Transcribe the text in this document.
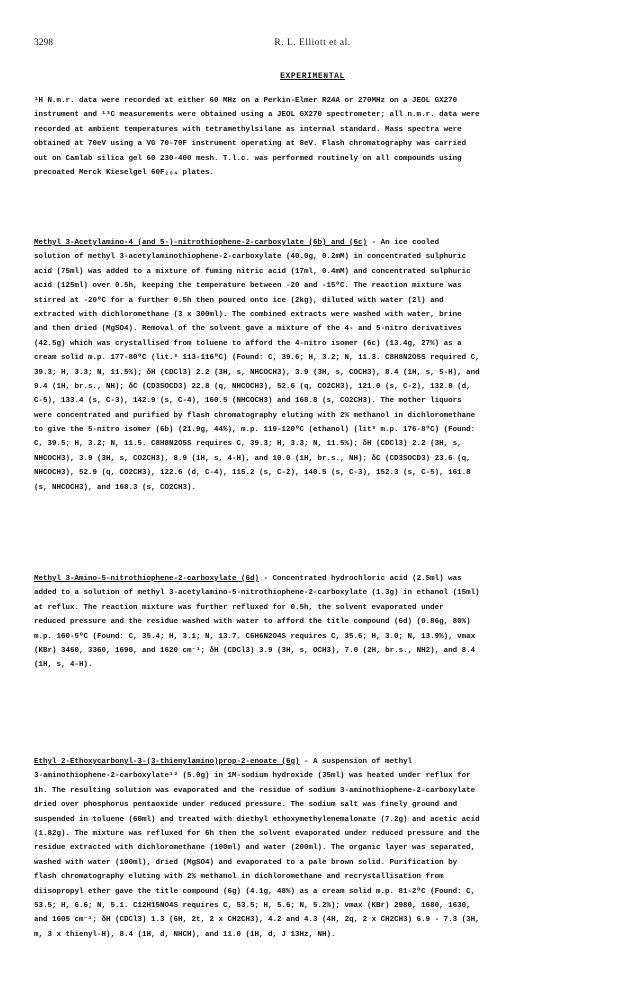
3298	R. L. Elliott et al.
EXPERIMENTAL
¹H N.m.r. data were recorded at either 60 MHz on a Perkin-Elmer R24A or 270MHz on a JEOL GX270
instrument and ¹³C measurements were obtained using a JEOL GX270 spectrometer; all n.m.r. data were
recorded at ambient temperatures with tetramethylsilane as internal standard. Mass spectra were
obtained at 70eV using a VG 70-70F instrument operating at 8eV. Flash chromatography was carried
out on Camlab silica gel 60 230-400 mesh. T.l.c. was performed routinely on all compounds using
precoated Merck Kieselgel 60F₂₅₄ plates.
Methyl 3-Acetylamino-4 (and 5-)-nitrothiophene-2-carboxylate (6b) and (6c) - An ice cooled
solution of methyl 3-acetylaminothiophene-2-carboxylate (40.0g, 0.2mM) in concentrated sulphuric
acid (75ml) was added to a mixture of fuming nitric acid (17ml, 0.4mM) and concentrated sulphuric
acid (125ml) over 0.5h, keeping the temperature between -20 and -15ºC. The reaction mixture was
stirred at -20ºC for a further 0.5h then poured onto ice (2kg), diluted with water (2l) and
extracted with dichloromethane (3 x 300ml). The combined extracts were washed with water, brine
and then dried (MgSO4). Removal of the solvent gave a mixture of the 4- and 5-nitro derivatives
(42.5g) which was crystallised from toluene to afford the 4-nitro isomer (6c) (13.4g, 27%) as a
cream solid m.p. 177-80ºC (lit.⁹ 113-116ºC) (Found: C, 39.6; H, 3.2; N, 11.3. C8H8N2O5S required C,
39.3; H, 3.3; N, 11.5%); δH (CDCl3) 2.2 (3H, s, NHCOCH3), 3.9 (3H, s, COCH3), 8.4 (1H, s, 5-H), and
9.4 (1H, br.s., NH); δC (CD3SOCD3) 22.8 (q, NHCOCH3), 52.6 (q, CO2CH3), 121.0 (s, C-2), 132.8 (d,
C-5), 133.4 (s, C-3), 142.9 (s, C-4), 160.5 (NHCOCH3) and 168.8 (s, CO2CH3). The mother liquors
were concentrated and purified by flash chromatography eluting with 2% methanol in dichloromethane
to give the 5-nitro isomer (6b) (21.9g, 44%), m.p. 119-120ºC (ethanol) (lit⁹ m.p. 176-8ºC) (Found:
C, 39.5; H, 3.2; N, 11.5. C8H8N2O5S requires C, 39.3; H, 3.3; N, 11.5%); δH (CDCl3) 2.2 (3H, s,
NHCOCH3), 3.9 (3H, s, CO2CH3), 8.9 (1H, s, 4-H), and 10.0 (1H, br.s., NH); δC (CD3SOCD3) 23.6 (q,
NHCOCH3), 52.9 (q, CO2CH3), 122.6 (d, C-4), 115.2 (s, C-2), 140.5 (s, C-3), 152.3 (s, C-5), 161.8
(s, NHCOCH3), and 168.3 (s, CO2CH3).
Methyl 3-Amino-5-nitrothiophene-2-carboxylate (6d) - Concentrated hydrochloric acid (2.5ml) was
added to a solution of methyl 3-acetylamino-5-nitrothiophene-2-carboxylate (1.3g) in ethanol (15ml)
at reflux. The reaction mixture was further refluxed for 0.5h, the solvent evaporated under
reduced pressure and the residue washed with water to afford the title compound (6d) (0.86g, 80%)
m.p. 160-5ºC (Found: C, 35.4; H, 3.1; N, 13.7. C6H6N2O4S requires C, 35.6; H, 3.0; N, 13.9%), νmax
(KBr) 3460, 3360, 1690, and 1620 cm⁻¹; δH (CDCl3) 3.9 (3H, s, OCH3), 7.0 (2H, br.s., NH2), and 8.4
(1H, s, 4-H).
Ethyl 2-Ethoxycarbonyl-3-(3-thienylamino)prop-2-enoate (6g) - A suspension of methyl
3-aminothiophene-2-carboxylate¹² (5.0g) in 1M-sodium hydroxide (35ml) was heated under reflux for
1h. The resulting solution was evaporated and the residue of sodium 3-aminothiophene-2-carboxylate
dried over phosphorus pentaoxide under reduced pressure. The sodium salt was finely ground and
suspended in toluene (60ml) and treated with diethyl ethoxymethylenemalonate (7.2g) and acetic acid
(1.82g). The mixture was refluxed for 6h then the solvent evaporated under reduced pressure and the
residue extracted with dichloromethane (100ml) and water (200ml). The organic layer was separated,
washed with water (100ml), dried (MgSO4) and evaporated to a pale brown solid. Purification by
flash chromatography eluting with 2% methanol in dichloromethane and recrystallisation from
diisopropyl ether gave the title compound (6g) (4.1g, 48%) as a cream solid m.p. 81-2ºC (Found: C,
53.5; H, 6.6; N, 5.1. C12H15NO4S requires C, 53.5; H, 5.6; N, 5.2%); νmax (KBr) 2980, 1680, 1630,
and 1605 cm⁻¹; δH (CDCl3) 1.3 (6H, 2t, 2 x CH2CH3), 4.2 and 4.3 (4H, 2q, 2 x CH2CH3) 6.9 - 7.3 (3H,
m, 3 x thienyl-H), 8.4 (1H, d, NHCH), and 11.0 (1H, d, J 13Hz, NH).
